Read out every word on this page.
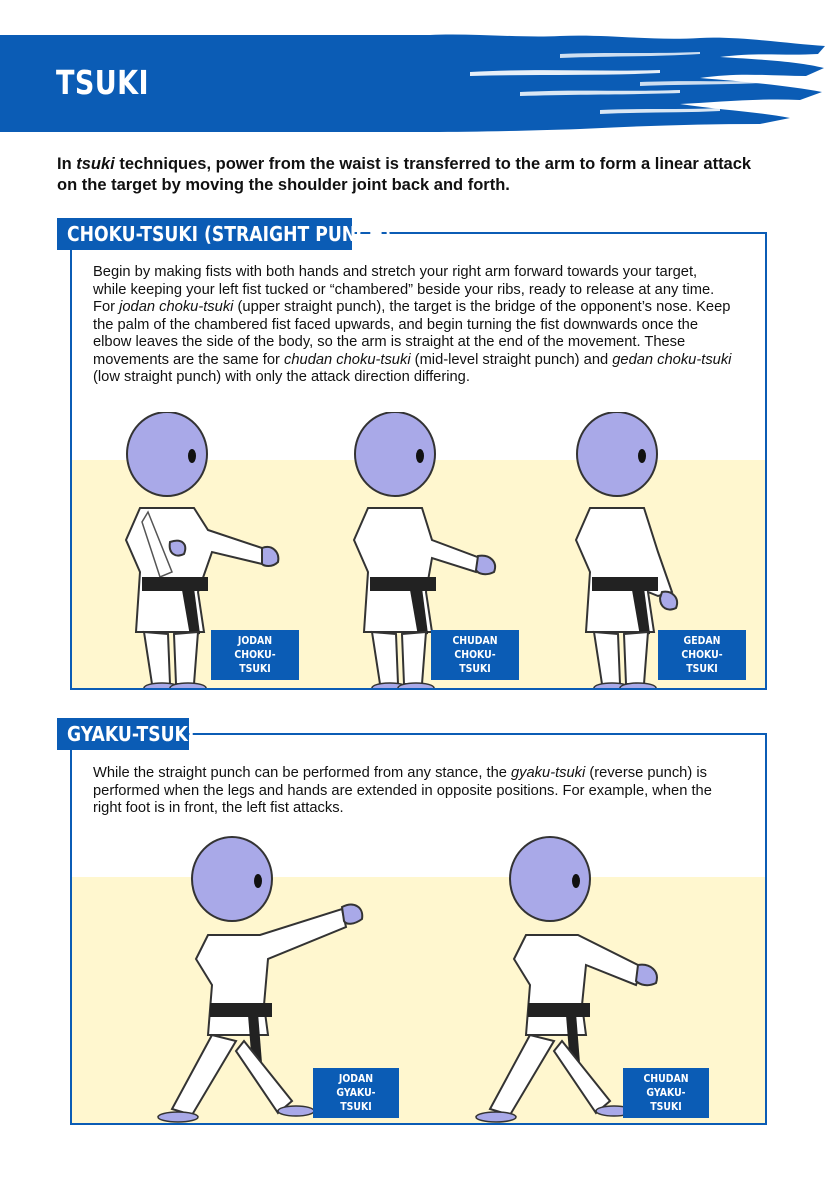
TSUKI

In tsuki techniques, power from the waist is transferred to the arm to form a linear attack on the target by moving the shoulder joint back and forth.

Begin by making fists with both hands and stretch your right arm forward towards your target, while keeping your left fist tucked or “chambered” beside your ribs, ready to release at any time. For jodan choku-tsuki (upper straight punch), the target is the bridge of the opponent’s nose. Keep the palm of the chambered fist faced upwards, and begin turning the fist downwards once the elbow leaves the side of the body, so the arm is straight at the end of the movement. These movements are the same for chudan choku-tsuki (mid-level straight punch) and gedan choku-tsuki (low straight punch) with only the attack direction differing.

JODAN
CHOKU-TSUKI
CHUDAN
CHOKU-TSUKI
GEDAN
CHOKU-TSUKI
CHOKU-TSUKI (STRAIGHT PUNCH)

While the straight punch can be performed from any stance, the gyaku-tsuki (reverse punch) is performed when the legs and hands are extended in opposite positions. For example, when the right foot is in front, the left fist attacks.

JODAN
GYAKU-TSUKI
CHUDAN
GYAKU-TSUKI
GYAKU-TSUKI
